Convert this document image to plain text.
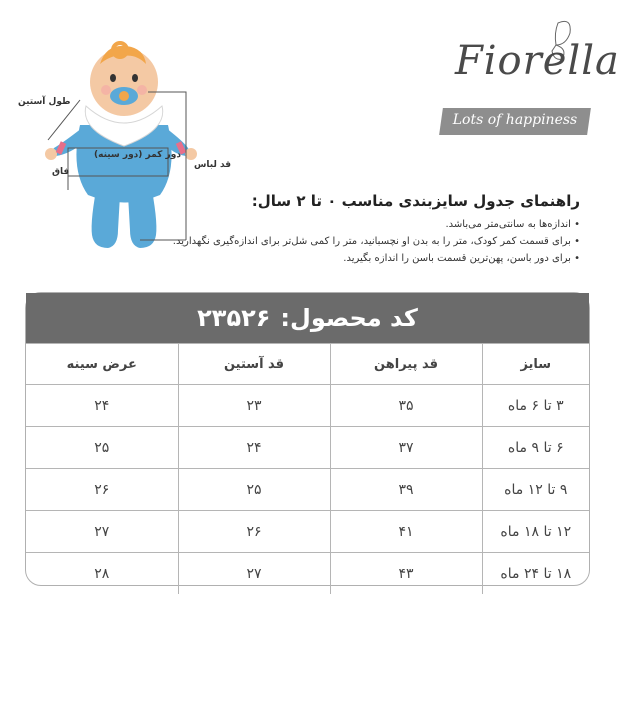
طول آستین
دور کمر (دور سینه)
فاق
قد لباس
Fiorella
Lots of happiness
راهنمای جدول سایزبندی مناسب ۰ تا ۲ سال:
• اندازه‌ها به سانتی‌متر می‌باشد.
• برای قسمت کمر کودک، متر را به بدن او نچسبانید، متر را کمی شل‌تر برای اندازه‌گیری نگهدارید.
• برای دور باسن، پهن‌ترین قسمت باسن را اندازه بگیرید.
کد محصول:
۲۳۵۲۶
سایز	قد پیراهن	قد آستین	عرض سینه
۳ تا ۶ ماه	۳۵	۲۳	۲۴
۶ تا ۹ ماه	۳۷	۲۴	۲۵
۹ تا ۱۲ ماه	۳۹	۲۵	۲۶
۱۲ تا ۱۸ ماه	۴۱	۲۶	۲۷
۱۸ تا ۲۴ ماه	۴۳	۲۷	۲۸
